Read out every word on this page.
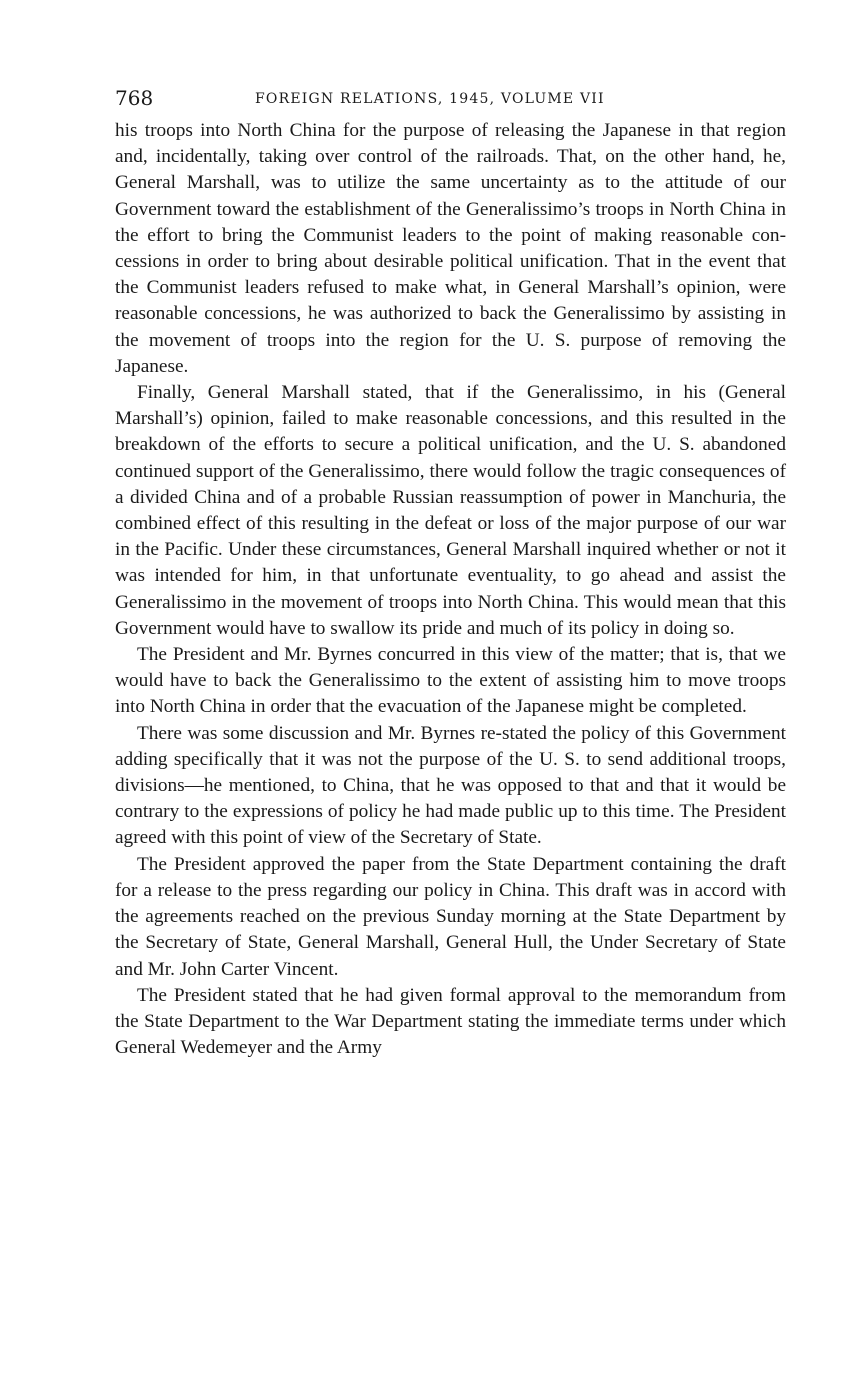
768	FOREIGN RELATIONS, 1945, VOLUME VII

his troops into North China for the purpose of releasing the Japanese in that region and, incidentally, taking over control of the railroads. That, on the other hand, he, General Marshall, was to utilize the same uncertainty as to the attitude of our Government toward the establishment of the Generalissimo’s troops in North China in the effort to bring the Communist leaders to the point of making reasonable concessions in order to bring about desirable political unification. That in the event that the Communist leaders refused to make what, in General Marshall’s opinion, were reasonable concessions, he was authorized to back the Generalissimo by assisting in the movement of troops into the region for the U. S. purpose of removing the Japanese.

Finally, General Marshall stated, that if the Generalissimo, in his (General Marshall’s) opinion, failed to make reasonable concessions, and this resulted in the breakdown of the efforts to secure a political unification, and the U. S. abandoned continued support of the Generalissimo, there would follow the tragic consequences of a divided China and of a probable Russian reassumption of power in Manchuria, the combined effect of this resulting in the defeat or loss of the major purpose of our war in the Pacific. Under these circumstances, General Marshall inquired whether or not it was intended for him, in that unfortunate eventuality, to go ahead and assist the Generalissimo in the movement of troops into North China. This would mean that this Government would have to swallow its pride and much of its policy in doing so.

The President and Mr. Byrnes concurred in this view of the matter; that is, that we would have to back the Generalissimo to the extent of assisting him to move troops into North China in order that the evacuation of the Japanese might be completed.

There was some discussion and Mr. Byrnes re-stated the policy of this Government adding specifically that it was not the purpose of the U. S. to send additional troops, divisions—he mentioned, to China, that he was opposed to that and that it would be contrary to the expressions of policy he had made public up to this time. The President agreed with this point of view of the Secretary of State.

The President approved the paper from the State Department containing the draft for a release to the press regarding our policy in China. This draft was in accord with the agreements reached on the previous Sunday morning at the State Department by the Secretary of State, General Marshall, General Hull, the Under Secretary of State and Mr. John Carter Vincent.

The President stated that he had given formal approval to the memorandum from the State Department to the War Department stating the immediate terms under which General Wedemeyer and the Army
